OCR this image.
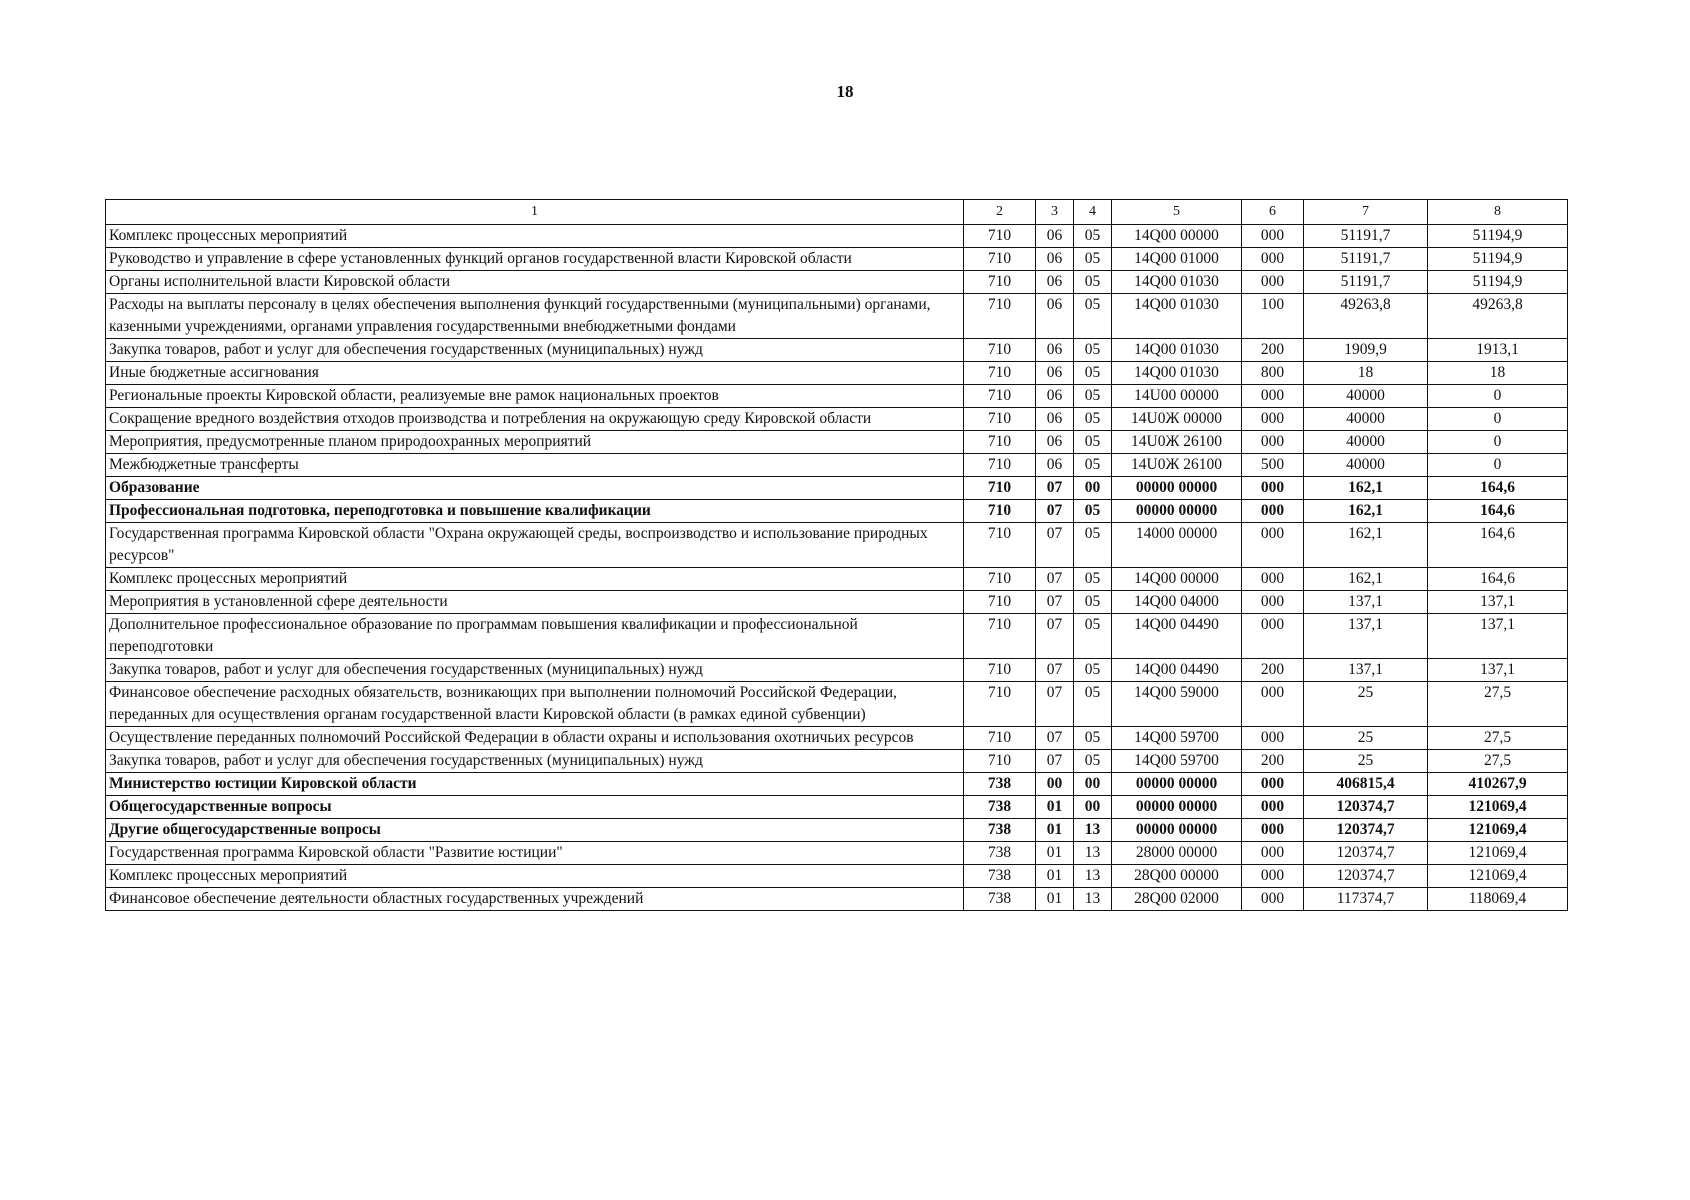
18
1	2	3	4	5	6	7	8
Комплекс процессных мероприятий	710	06	05	14Q00 00000	000	51191,7	51194,9
Руководство и управление в сфере установленных функций органов государственной власти Кировской области	710	06	05	14Q00 01000	000	51191,7	51194,9
Органы исполнительной власти Кировской области	710	06	05	14Q00 01030	000	51191,7	51194,9
Расходы на выплаты персоналу в целях обеспечения выполнения функций государственными (муниципальными) органами, казенными учреждениями, органами управления государственными внебюджетными фондами	710	06	05	14Q00 01030	100	49263,8	49263,8
Закупка товаров, работ и услуг для обеспечения государственных (муниципальных) нужд	710	06	05	14Q00 01030	200	1909,9	1913,1
Иные бюджетные ассигнования	710	06	05	14Q00 01030	800	18	18
Региональные проекты Кировской области, реализуемые вне рамок национальных проектов	710	06	05	14U00 00000	000	40000	0
Сокращение вредного воздействия отходов производства и потребления на окружающую среду Кировской области	710	06	05	14U0Ж 00000	000	40000	0
Мероприятия, предусмотренные планом природоохранных мероприятий	710	06	05	14U0Ж 26100	000	40000	0
Межбюджетные трансферты	710	06	05	14U0Ж 26100	500	40000	0
Образование	710	07	00	00000 00000	000	162,1	164,6
Профессиональная подготовка, переподготовка и повышение квалификации	710	07	05	00000 00000	000	162,1	164,6
Государственная программа Кировской области "Охрана окружающей среды, воспроизводство и использование природных ресурсов"	710	07	05	14000 00000	000	162,1	164,6
Комплекс процессных мероприятий	710	07	05	14Q00 00000	000	162,1	164,6
Мероприятия в установленной сфере деятельности	710	07	05	14Q00 04000	000	137,1	137,1
Дополнительное профессиональное образование по программам повышения квалификации и профессиональной переподготовки	710	07	05	14Q00 04490	000	137,1	137,1
Закупка товаров, работ и услуг для обеспечения государственных (муниципальных) нужд	710	07	05	14Q00 04490	200	137,1	137,1
Финансовое обеспечение расходных обязательств, возникающих при выполнении полномочий Российской Федерации, переданных для осуществления органам государственной власти Кировской области (в рамках единой субвенции)	710	07	05	14Q00 59000	000	25	27,5
Осуществление переданных полномочий Российской Федерации в области охраны и использования охотничьих ресурсов	710	07	05	14Q00 59700	000	25	27,5
Закупка товаров, работ и услуг для обеспечения государственных (муниципальных) нужд	710	07	05	14Q00 59700	200	25	27,5
Министерство юстиции Кировской области	738	00	00	00000 00000	000	406815,4	410267,9
Общегосударственные вопросы	738	01	00	00000 00000	000	120374,7	121069,4
Другие общегосударственные вопросы	738	01	13	00000 00000	000	120374,7	121069,4
Государственная программа Кировской области "Развитие юстиции"	738	01	13	28000 00000	000	120374,7	121069,4
Комплекс процессных мероприятий	738	01	13	28Q00 00000	000	120374,7	121069,4
Финансовое обеспечение деятельности областных государственных учреждений	738	01	13	28Q00 02000	000	117374,7	118069,4
